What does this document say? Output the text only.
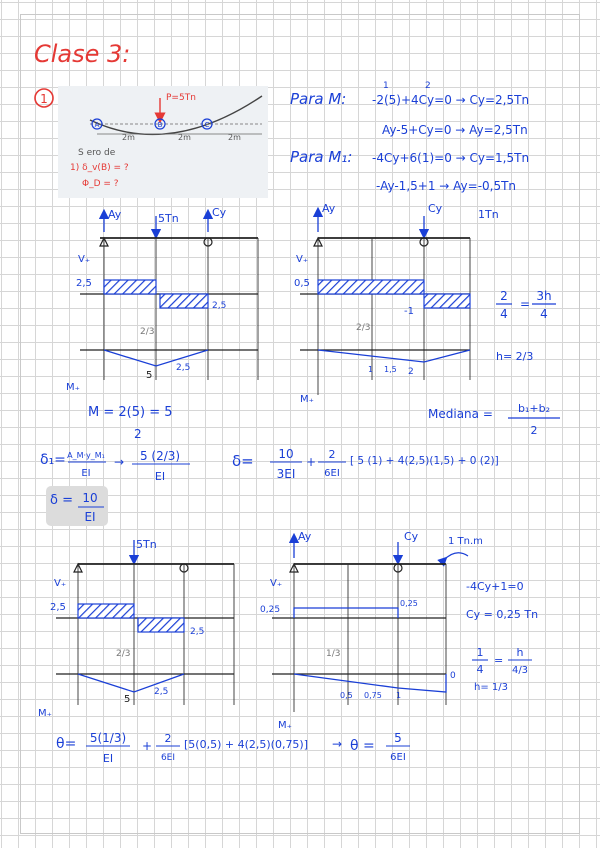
Clase 3:
1	P=5Tn
A	B	C
2m	2m	2m
S ero de
1) δ_v(B) = ?
Φ_D = ?
Para M:
1	2
-2(5)+4Cy=0 → Cy=2,5Tn
Ay-5+Cy=0 → Ay=2,5Tn
Para M₁: -4Cy+6(1)=0 → Cy=1,5Tn
-Ay-1,5+1 → Ay=-0,5Tn
Ay	5Tn	Cy
V₊
2,5
2,5
2/3
5
2,5
M₊
Ay	Cy	1Tn
V₊
0,5
-1
2/3
1 1,5 2
M₊
2
4
=
3h
4
h= 2/3
M = 2(5) = 5
2
Mediana = b₁+b₂
2
δ₁= A_M·y_M₁
EI
→ 5 (2/3)
EI
δ= 10
3EI
+
2
6EI
[ 5 (1) + 4(2,5)(1,5) + 0 (2)]
δ = 10
EI
5Tn
V₊
2,5
2,5
2/3
5
2,5
M₊
Ay	Cy	1 Tn.m
V₊
0,25
0,25
1/3
0,5 0,75 1
0
M₊
-4Cy+1=0
Cy = 0,25 Tn
1
4
=
h
4/3
h= 1/3
θ= 5(1/3)
EI
+
2
6EI
[5(0,5) + 4(2,5)(0,75)] → θ = 5
6EI
